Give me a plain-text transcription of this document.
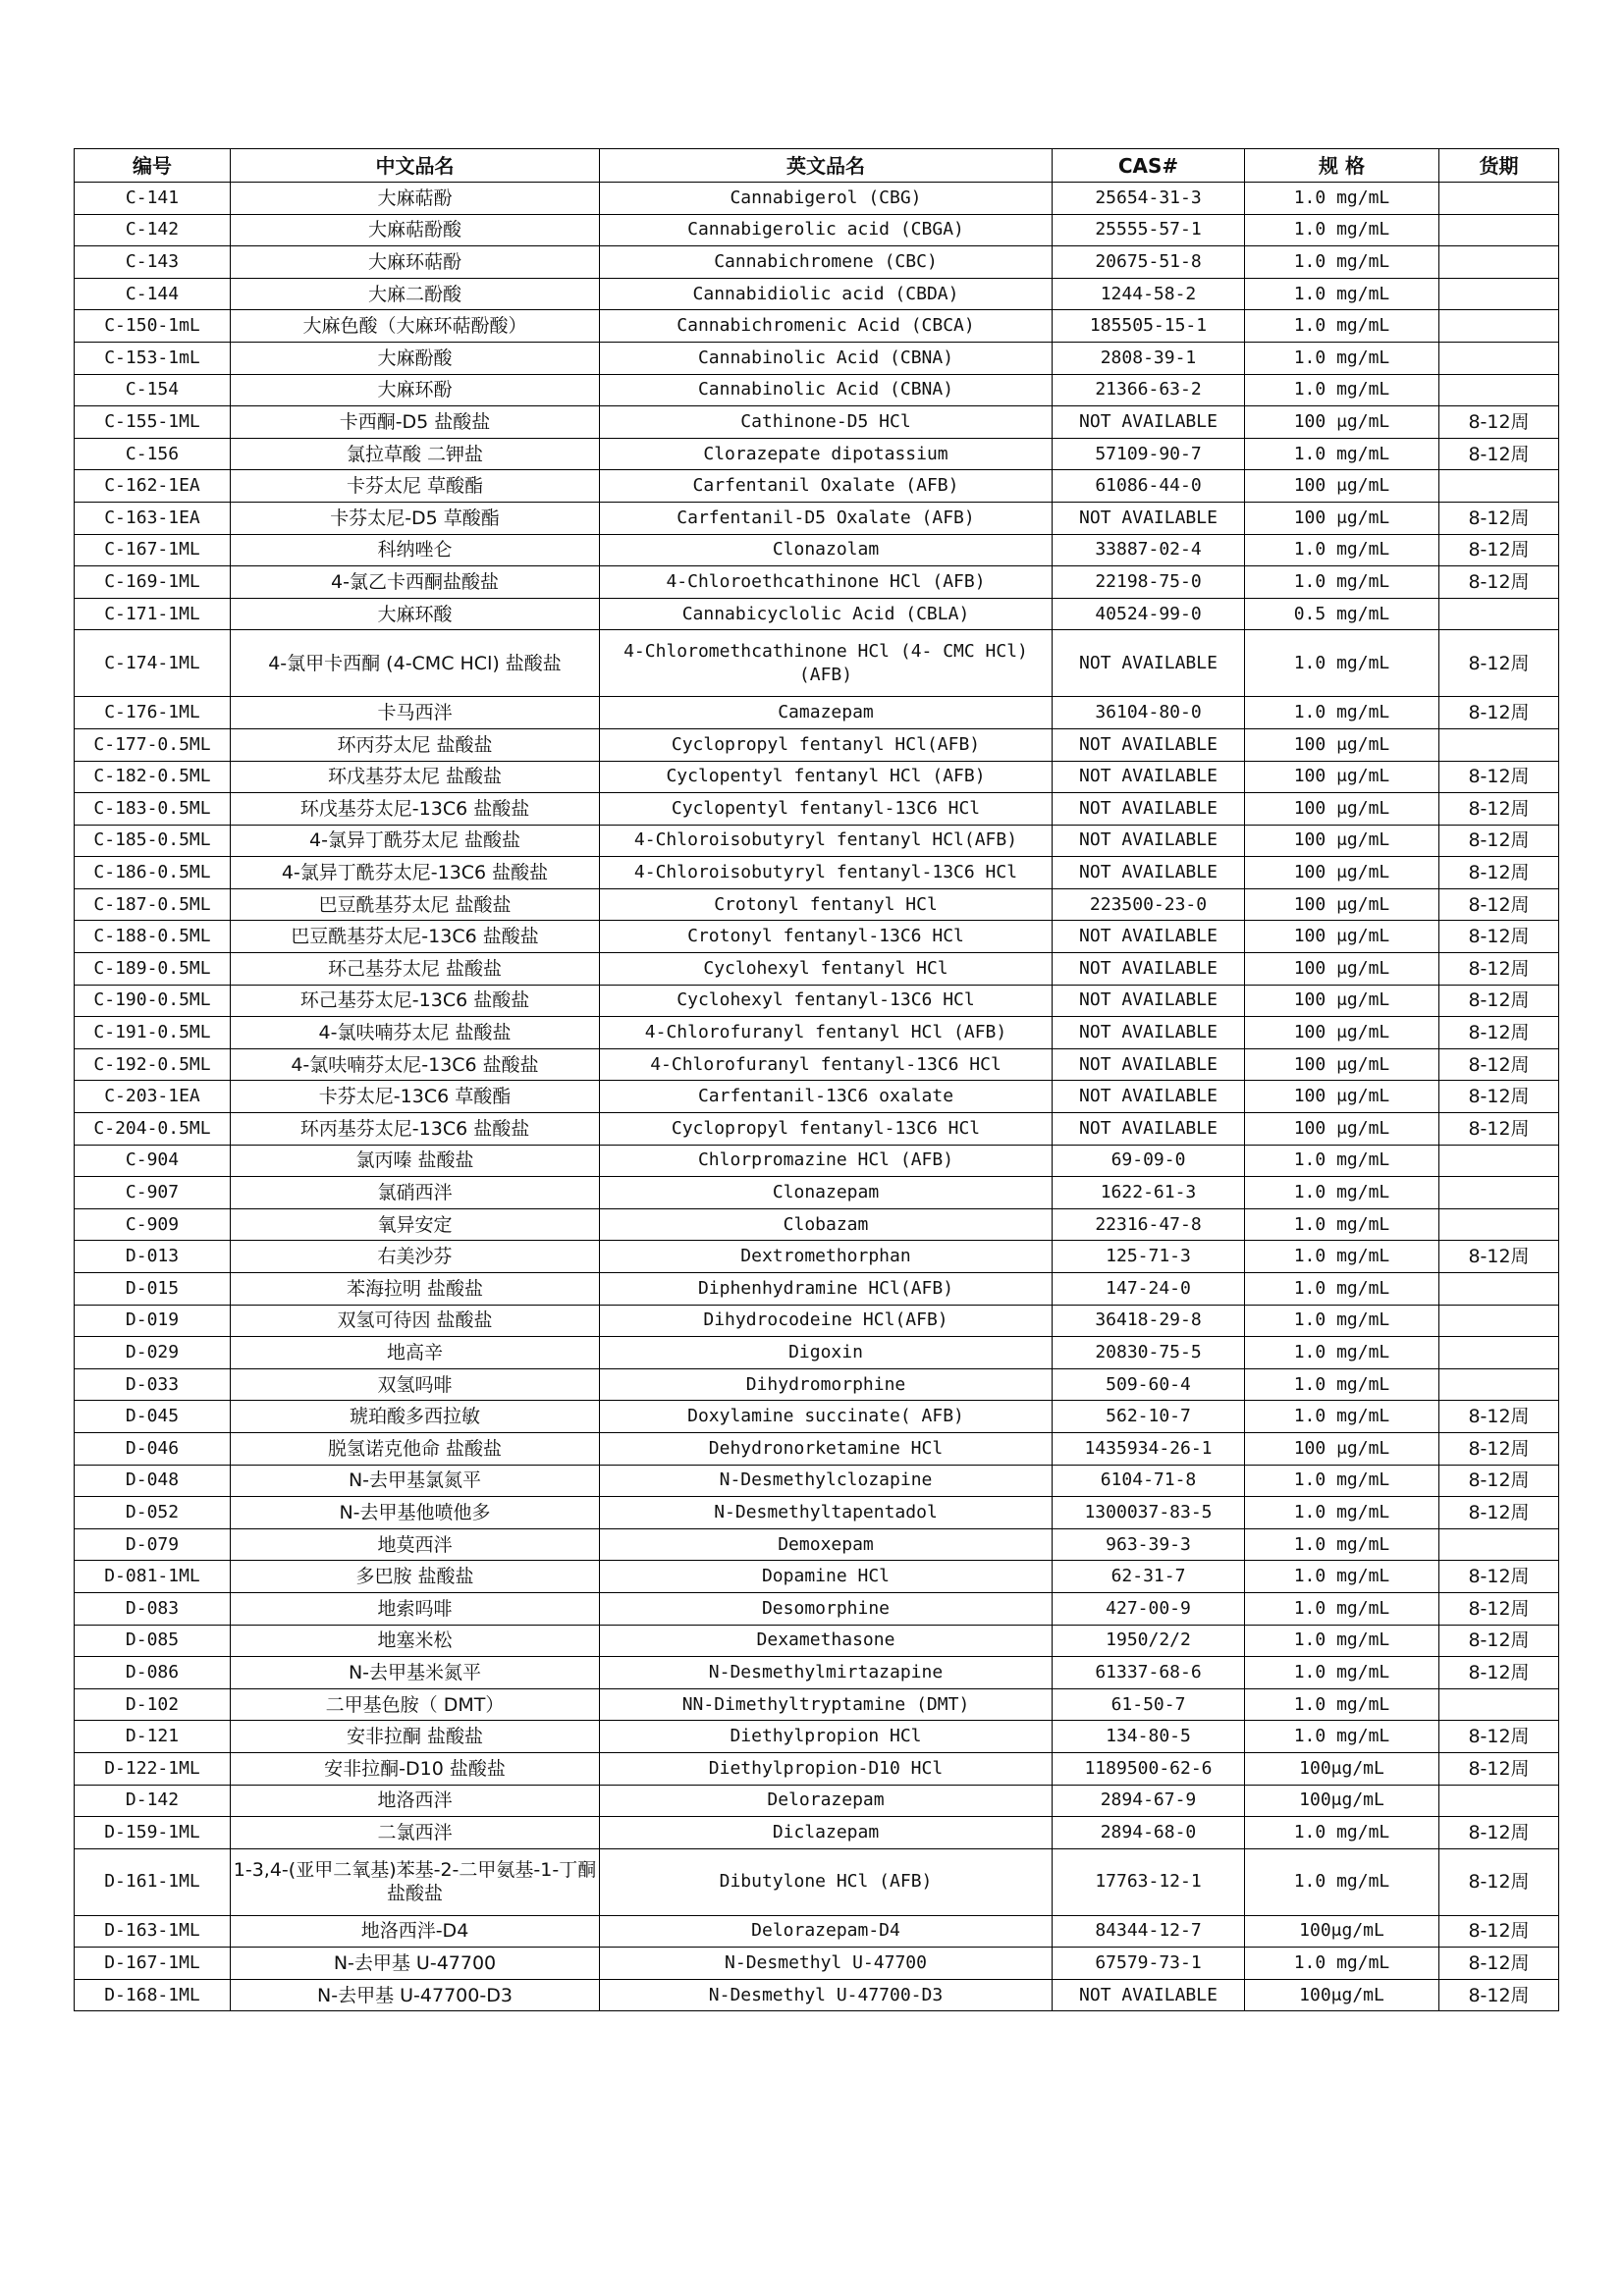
编号	中文品名	英文品名	CAS#	规 格	货期
C-141	大麻萜酚	Cannabigerol (CBG)	25654-31-3	1.0 mg/mL	
C-142	大麻萜酚酸	Cannabigerolic acid (CBGA)	25555-57-1	1.0 mg/mL	
C-143	大麻环萜酚	Cannabichromene (CBC)	20675-51-8	1.0 mg/mL	
C-144	大麻二酚酸	Cannabidiolic acid (CBDA)	1244-58-2	1.0 mg/mL	
C-150-1mL	大麻色酸（大麻环萜酚酸）	Cannabichromenic Acid (CBCA)	185505-15-1	1.0 mg/mL	
C-153-1mL	大麻酚酸	Cannabinolic Acid (CBNA)	2808-39-1	1.0 mg/mL	
C-154	大麻环酚	Cannabinolic Acid (CBNA)	21366-63-2	1.0 mg/mL	
C-155-1ML	卡西酮-D5 盐酸盐	Cathinone-D5 HCl	NOT AVAILABLE	100 μg/mL	8-12周
C-156	氯拉草酸 二钾盐	Clorazepate dipotassium	57109-90-7	1.0 mg/mL	8-12周
C-162-1EA	卡芬太尼 草酸酯	Carfentanil Oxalate (AFB)	61086-44-0	100 μg/mL	
C-163-1EA	卡芬太尼-D5 草酸酯	Carfentanil-D5 Oxalate (AFB)	NOT AVAILABLE	100 μg/mL	8-12周
C-167-1ML	科纳唑仑	Clonazolam	33887-02-4	1.0 mg/mL	8-12周
C-169-1ML	4-氯乙卡西酮盐酸盐	4-Chloroethcathinone HCl (AFB)	22198-75-0	1.0 mg/mL	8-12周
C-171-1ML	大麻环酸	Cannabicyclolic Acid (CBLA)	40524-99-0	0.5 mg/mL	
C-174-1ML	4-氯甲卡西酮 (4-CMC HCl) 盐酸盐	4-Chloromethcathinone HCl (4- CMC HCl) (AFB)	NOT AVAILABLE	1.0 mg/mL	8-12周
C-176-1ML	卡马西泮	Camazepam	36104-80-0	1.0 mg/mL	8-12周
C-177-0.5ML	环丙芬太尼 盐酸盐	Cyclopropyl fentanyl HCl(AFB)	NOT AVAILABLE	100 μg/mL	
C-182-0.5ML	环戊基芬太尼 盐酸盐	Cyclopentyl fentanyl HCl (AFB)	NOT AVAILABLE	100 μg/mL	8-12周
C-183-0.5ML	环戊基芬太尼-13C6 盐酸盐	Cyclopentyl fentanyl-13C6 HCl	NOT AVAILABLE	100 μg/mL	8-12周
C-185-0.5ML	4-氯异丁酰芬太尼 盐酸盐	4-Chloroisobutyryl fentanyl HCl(AFB)	NOT AVAILABLE	100 μg/mL	8-12周
C-186-0.5ML	4-氯异丁酰芬太尼-13C6 盐酸盐	4-Chloroisobutyryl fentanyl-13C6 HCl	NOT AVAILABLE	100 μg/mL	8-12周
C-187-0.5ML	巴豆酰基芬太尼 盐酸盐	Crotonyl fentanyl HCl	223500-23-0	100 μg/mL	8-12周
C-188-0.5ML	巴豆酰基芬太尼-13C6 盐酸盐	Crotonyl fentanyl-13C6 HCl	NOT AVAILABLE	100 μg/mL	8-12周
C-189-0.5ML	环己基芬太尼 盐酸盐	Cyclohexyl fentanyl HCl	NOT AVAILABLE	100 μg/mL	8-12周
C-190-0.5ML	环己基芬太尼-13C6 盐酸盐	Cyclohexyl fentanyl-13C6 HCl	NOT AVAILABLE	100 μg/mL	8-12周
C-191-0.5ML	4-氯呋喃芬太尼 盐酸盐	4-Chlorofuranyl fentanyl HCl (AFB)	NOT AVAILABLE	100 μg/mL	8-12周
C-192-0.5ML	4-氯呋喃芬太尼-13C6 盐酸盐	4-Chlorofuranyl fentanyl-13C6 HCl	NOT AVAILABLE	100 μg/mL	8-12周
C-203-1EA	卡芬太尼-13C6 草酸酯	Carfentanil-13C6 oxalate	NOT AVAILABLE	100 μg/mL	8-12周
C-204-0.5ML	环丙基芬太尼-13C6 盐酸盐	Cyclopropyl fentanyl-13C6 HCl	NOT AVAILABLE	100 μg/mL	8-12周
C-904	氯丙嗪 盐酸盐	Chlorpromazine HCl (AFB)	69-09-0	1.0 mg/mL	
C-907	氯硝西泮	Clonazepam	1622-61-3	1.0 mg/mL	
C-909	氧异安定	Clobazam	22316-47-8	1.0 mg/mL	
D-013	右美沙芬	Dextromethorphan	125-71-3	1.0 mg/mL	8-12周
D-015	苯海拉明 盐酸盐	Diphenhydramine HCl(AFB)	147-24-0	1.0 mg/mL	
D-019	双氢可待因 盐酸盐	Dihydrocodeine HCl(AFB)	36418-29-8	1.0 mg/mL	
D-029	地高辛	Digoxin	20830-75-5	1.0 mg/mL	
D-033	双氢吗啡	Dihydromorphine	509-60-4	1.0 mg/mL	
D-045	琥珀酸多西拉敏	Doxylamine succinate( AFB)	562-10-7	1.0 mg/mL	8-12周
D-046	脱氢诺克他命 盐酸盐	Dehydronorketamine HCl	1435934-26-1	100 μg/mL	8-12周
D-048	N-去甲基氯氮平	N-Desmethylclozapine	6104-71-8	1.0 mg/mL	8-12周
D-052	N-去甲基他喷他多	N-Desmethyltapentadol	1300037-83-5	1.0 mg/mL	8-12周
D-079	地莫西泮	Demoxepam	963-39-3	1.0 mg/mL	
D-081-1ML	多巴胺 盐酸盐	Dopamine HCl	62-31-7	1.0 mg/mL	8-12周
D-083	地索吗啡	Desomorphine	427-00-9	1.0 mg/mL	8-12周
D-085	地塞米松	Dexamethasone	1950/2/2	1.0 mg/mL	8-12周
D-086	N-去甲基米氮平	N-Desmethylmirtazapine	61337-68-6	1.0 mg/mL	8-12周
D-102	二甲基色胺（ DMT）	NN-Dimethyltryptamine (DMT)	61-50-7	1.0 mg/mL	
D-121	安非拉酮 盐酸盐	Diethylpropion HCl	134-80-5	1.0 mg/mL	8-12周
D-122-1ML	安非拉酮-D10 盐酸盐	Diethylpropion-D10 HCl	1189500-62-6	100μg/mL	8-12周
D-142	地洛西泮	Delorazepam	2894-67-9	100μg/mL	
D-159-1ML	二氯西泮	Diclazepam	2894-68-0	1.0 mg/mL	8-12周
D-161-1ML	1-3,4-(亚甲二氧基)苯基-2-二甲氨基-1-丁酮 盐酸盐	Dibutylone HCl (AFB)	17763-12-1	1.0 mg/mL	8-12周
D-163-1ML	地洛西泮-D4	Delorazepam-D4	84344-12-7	100μg/mL	8-12周
D-167-1ML	N-去甲基 U-47700	N-Desmethyl U-47700	67579-73-1	1.0 mg/mL	8-12周
D-168-1ML	N-去甲基 U-47700-D3	N-Desmethyl U-47700-D3	NOT AVAILABLE	100μg/mL	8-12周
